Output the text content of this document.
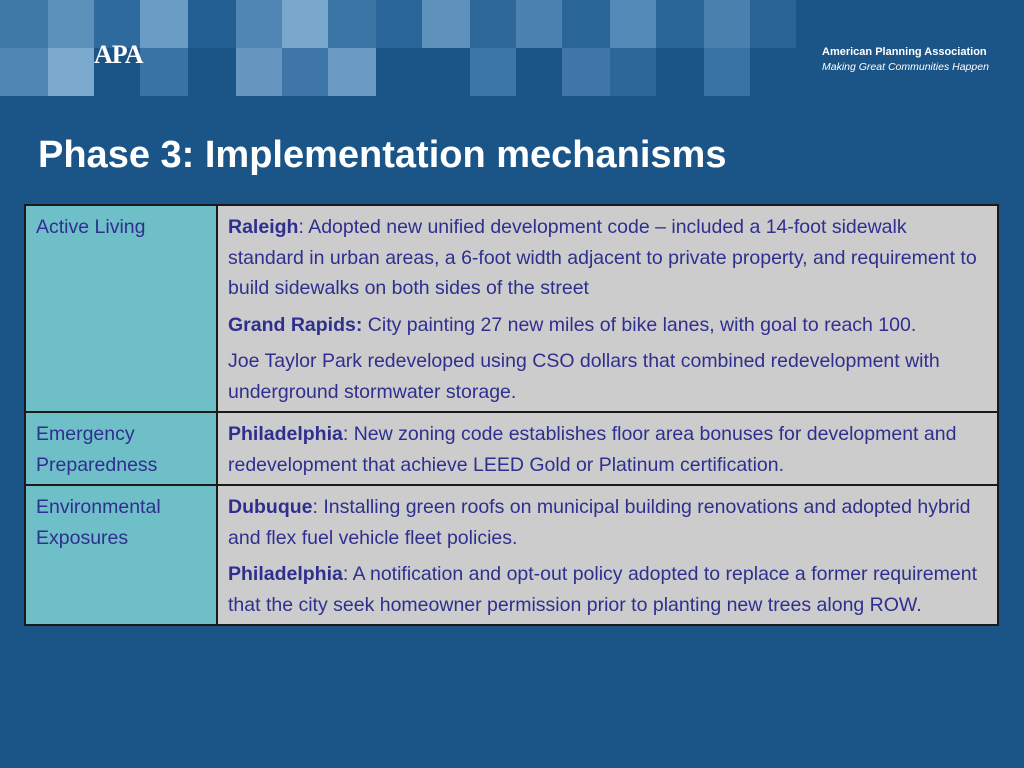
APA	American Planning Association
Making Great Communities Happen
Phase 3: Implementation mechanisms
Active Living	Raleigh: Adopted new unified development code – included a 14-foot sidewalk standard in urban areas, a 6-foot width adjacent to private property, and requirement to build sidewalks on both sides of the street
Grand Rapids: City painting 27 new miles of bike lanes, with goal to reach 100.
Joe Taylor Park redeveloped using CSO dollars that combined redevelopment with underground stormwater storage.

Emergency Preparedness	Philadelphia: New zoning code establishes floor area bonuses for development and redevelopment that achieve LEED Gold or Platinum certification.

Environmental Exposures	Dubuque: Installing green roofs on municipal building renovations and adopted hybrid and flex fuel vehicle fleet policies.
Philadelphia: A notification and opt-out policy adopted to replace a former requirement that the city seek homeowner permission prior to planting new trees along ROW.
